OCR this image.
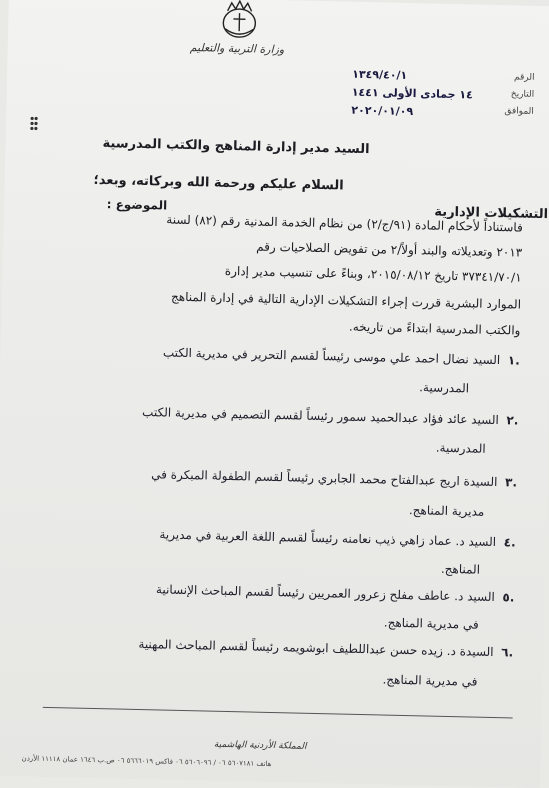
وزارة التربية والتعليم
الرقم
التاريخ
الموافق
١٣٤٩/٤٠/١
١٤ جمادى الأولى ١٤٤١
٢٠٢٠/٠١/٠٩
السيد مدير إدارة المناهج والكتب المدرسية
السلام عليكم ورحمة الله وبركاته، وبعد؛
الموضوع :	التشكيلات الإدارية
فاستناداً لأحكام المادة (٩١/ج/٢) من نظام الخدمة المدنية رقم (٨٢) لسنة
٢٠١٣ وتعديلاته والبند أولاً/٢ من تفويض الصلاحيات رقم
٣٧٣٤١/٧٠/١ تاريخ ٢٠١٥/٠٨/١٢، وبناءً على تنسيب مدير إدارة
الموارد البشرية قررت إجراء التشكيلات الإدارية التالية في إدارة المناهج
والكتب المدرسية ابتداءً من تاريخه.
.١  السيد نضال احمد علي موسى رئيساً لقسم التحرير في مديرية الكتب
المدرسية.
.٢  السيد عائد فؤاد عبدالحميد سمور رئيساً لقسم التصميم في مديرية الكتب
المدرسية.
.٣  السيدة اريج عبدالفتاح محمد الجابري رئيساً لقسم الطفولة المبكرة في
مديرية المناهج.
.٤  السيد د. عماد زاهي ذيب نعامنه رئيساً لقسم اللغة العربية في مديرية
المناهج.
.٥  السيد د. عاطف مفلح زعرور العمريين رئيساً لقسم المباحث الإنسانية
في مديرية المناهج.
.٦  السيدة د. زيده حسن عبداللطيف ابوشويمه رئيساً لقسم المباحث المهنية
في مديرية المناهج.
المملكة الأردنية الهاشمية
هاتف ٥٦٠٧١٨١ ٠٦ / ٥٦٠٦٠٩٦ ٠٦ فاكس ٥٦٦٦٠١٩ ٠٦ ص.ب ١٦٤٦ عمان ١١١١٨ الأردن
